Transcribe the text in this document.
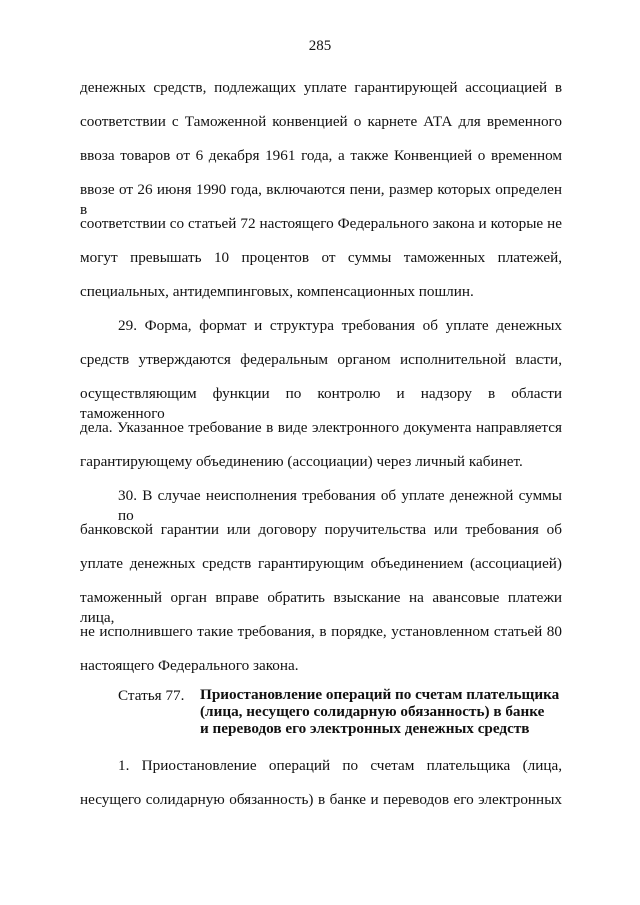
285
денежных средств, подлежащих уплате гарантирующей ассоциацией в
соответствии с Таможенной конвенцией о карнете АТА для временного
ввоза товаров от 6 декабря 1961 года, а также Конвенцией о временном
ввозе от 26 июня 1990 года, включаются пени, размер которых определен в
соответствии со статьей 72 настоящего Федерального закона и которые не
могут превышать 10 процентов от суммы таможенных платежей,
специальных, антидемпинговых, компенсационных пошлин.
29. Форма, формат и структура требования об уплате денежных
средств утверждаются федеральным органом исполнительной власти,
осуществляющим функции по контролю и надзору в области таможенного
дела. Указанное требование в виде электронного документа направляется
гарантирующему объединению (ассоциации) через личный кабинет.
30. В случае неисполнения требования об уплате денежной суммы по
банковской гарантии или договору поручительства или требования об
уплате денежных средств гарантирующим объединением (ассоциацией)
таможенный орган вправе обратить взыскание на авансовые платежи лица,
не исполнившего такие требования, в порядке, установленном статьей 80
настоящего Федерального закона.
Статья 77. Приостановление операций по счетам плательщика
(лица, несущего солидарную обязанность) в банке
и переводов его электронных денежных средств
1. Приостановление операций по счетам плательщика (лица,
несущего солидарную обязанность) в банке и переводов его электронных
